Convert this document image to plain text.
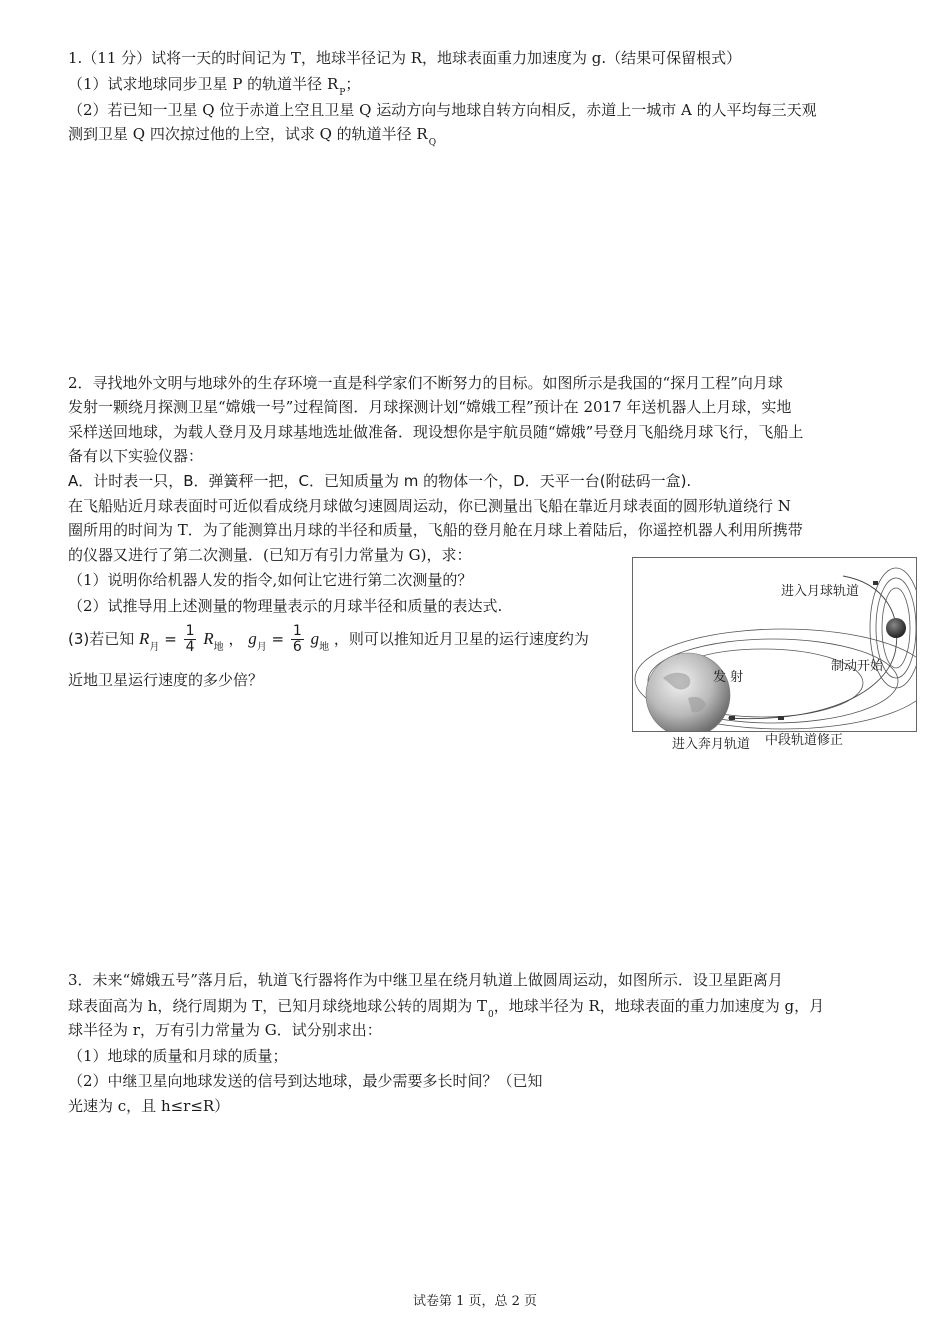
1.（11 分）试将一天的时间记为 T，地球半径记为 R，地球表面重力加速度为 g.（结果可保留根式）
（1）试求地球同步卫星 P 的轨道半径 $R_P$；
（2）若已知一卫星 Q 位于赤道上空且卫星 Q 运动方向与地球自转方向相反，赤道上一城市 A 的人平均每三天观
测到卫星 Q 四次掠过他的上空，试求 Q 的轨道半径 $R_Q$
2．寻找地外文明与地球外的生存环境一直是科学家们不断努力的目标。如图所示是我国的“探月工程”向月球
发射一颗绕月探测卫星“嫦娥一号”过程简图．月球探测计划“嫦娥工程”预计在 2017 年送机器人上月球，实地
采样送回地球，为载人登月及月球基地选址做准备．现设想你是宇航员随“嫦娥”号登月飞船绕月球飞行，飞船上
备有以下实验仪器：
A．计时表一只，B．弹簧秤一把，C．已知质量为 m 的物体一个，D．天平一台(附砝码一盒).
在飞船贴近月球表面时可近似看成绕月球做匀速圆周运动，你已测量出飞船在靠近月球表面的圆形轨道绕行 N
圈所用的时间为 T．为了能测算出月球的半径和质量，飞船的登月舱在月球上着陆后，你遥控机器人利用所携带
的仪器又进行了第二次测量．(已知万有引力常量为 G)，求：
（1）说明你给机器人发的指令,如何让它进行第二次测量的？
（2）试推导用上述测量的物理量表示的月球半径和质量的表达式.
(3)若已知 $R_月 = \frac{1}{4} R_地$ ， $g_月 = \frac{1}{6} g_地$ ，则可以推知近月卫星的运行速度约为
近地卫星运行速度的多少倍？
进入月球轨道
制动开始
发 射
进入奔月轨道 中段轨道修正
3．未来“嫦娥五号”落月后，轨道飞行器将作为中继卫星在绕月轨道上做圆周运动，如图所示．设卫星距离月
球表面高为 h，绕行周期为 T，已知月球绕地球公转的周期为 $T_0$，地球半径为 R，地球表面的重力加速度为 g，月
球半径为 r，万有引力常量为 G．试分别求出：
（1）地球的质量和月球的质量；
（2）中继卫星向地球发送的信号到达地球，最少需要多长时间？（已知
光速为 c，且 h≤r≤R）
试卷第 1 页，总 2 页
